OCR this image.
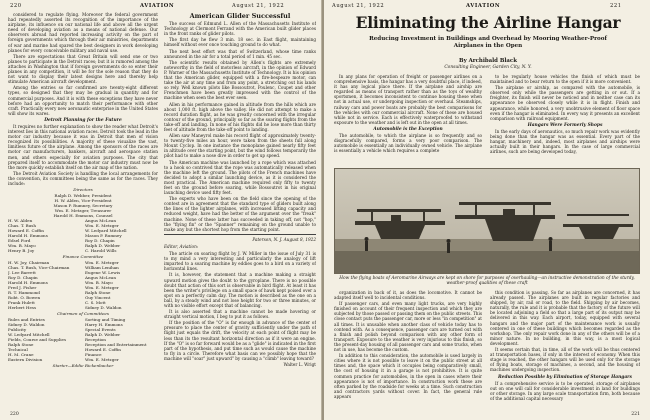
220	AVIATION	August 21, 1922

considered to regulate flying. Moreover the federal government had repeatedly asserted its recognition of the importance of the airplane, its influence on our national life and above all the urgent need of developing aviation as a means of national defense. Our observers abroad had reported increasing activity on the part of foreign governments which through their air ministries, departments of war and marine had spared the best designers in work developing planes for every conceivable military and naval use.

There are expectations that Great Britain will send one or two planes to participate in the Detroit races; but it is rumored among the attaches in Washington that if foreign governments do so enter their planes in any competition, it will be for the sole reason that they do not want to display their latest designs here and thereby help stimulate American aircraft development.

Among the entries so far confirmed are twenty-eight different types, so designed that they may be gradual in quantity and for commercial purposes. And it is with these exceptions they have never before had an opportunity to match their performance with other craft. Practically every new aeronautic enterprise in the United States will show its wares.

Detroit Planning for the Future

It requires no further explanation to show the reader what Detroit's interest lies in this national aviation races. Detroit took the lead in the motor car industry because it was in Detroit that men of vision recognized its possibilities. A majority of these visualize the vast, limitless future of the airplane. Among the sponsors of the races are motor car manufacturers, bankers, aircraft and aerospace station men, and others especially for aviation purposes. The city that prepared itself to accommodate the motor car industry must now be the more quickly establish itself on the air map of the nation.

The Detroit Aviation Society is handling the local arrangements for the convention, its committees being the same as for the races. They include:

Directors
Ralph D. Webber, President
H. W. Alden, Vice-President
Mason P. Rumney, Secretary
Wm. E. Metzger, Treasurer
Harold H. Emmons, Counsel
H. W. Alden	Angus McLean
Chas. T. Bush	Wm. E. Metzger
Howard E. Coffin	W. Ledyard Mitchell
Harold H. Emmons	Mason P. Rumney
Edsel Ford	Roy D. Chapin
Wm. B. Mayo	Ralph D. Webber
Henry B. Joy	C. Harold Wills
Finance Committee
H. W. Joy, Chairman	Wm. E. Metzger
Chas. T. Bush, Vice-Chairman	William Lenihan
J. Lee Barrett	Eugene W. Lewis
Roy D. Chapin	Angus McLean
Harold H. Emmons	Wm. B. Mayo
Fred J. Fisher	Wm. E. Metzger
R. T. Hammond	Ralph Stone
Robt. O. Bowen	Guy Vincent
Frank Hulett	C. S. Mott
Herbert Hess	Sidney D. Waldon
Chairmen of Committees
Rules and Entries	Sorting and Timing
Sidney D. Waldon	Harry H. Emmons
Publicity	Special Events
W. Ledyard Mitchell	Ralph D. Webber
Fields, Course and Supplies	Reception
Ralph Stone	Reception and Entertainment
Technical	Howard E. Coffin
H. M. Crane	Finance
Eastern Division	Wm. E. Metzger
Starter—Eddie Rickenbacker
American Glider Successful

The success of Edmund L. Allen of the Massachusetts Institute of Technology at Clermont Ferrand with the American built glider places in the front ranks of glider pilots.

The first day he flew 3 min. 18 sec. in East flight, maintaining himself without ever once touching ground to do what.

The next best effort was that of Switzerland, whose time ranks announced in the air for a total period of 1 min. 45 sec.

The scientific results obtained by Allen's flights are extremely noteworthy in the field of motorless aircraft, in the opinion of Edward P. Warner of the Massachusetts Institute of Technology. It is his opinion that the American glider, equipped with a fire-bespeare motor, can take the air at any time and from any point, a stretching out his lands so rely. Well known pilots like Bossoutrot, Poulenc, Coupet and other Frenchmen have been greatly impressed with the control of the machine when seen the best ever seen.

Allen in his performance gained in altitude from the hills which are about 1,000 ft. high above the valley. He did not attempt to make a record duration flight, as he was greatly concerned with the irregular contour of the ground, principally so far as the soaring flights from the take-off and landing. In none of his flights did he lose more than thirty feet of altitude from the take-off point to landing.

Allen saw Maneyrol make his record flight of approximately twenty-to twenty-five miles an hour, were taken from the sheets full along Mount Cyclop. In one instance the monoplane gained nearly fifty feet in altitude over the starting point, but the wind follows temporarily the pilot had to make a nose dive in order to get up speed.

The American machine was launched by a rope which was attached to a hook so contrived that the rope was automatically released when the machine left the ground. The pilots of the French machines have decided to adopt a similar launching device, as it is considered the most practical. The American machine required only fifty to twenty feet on the ground before soaring, while Bossoutrot in his original launching device used fifty feet.

The experts who have been on the field since the opening of the contest are in agreement that the standard type of gliders built along the lines of the lighter airplanes, with increased lifting capacity and reduced weight, have had the better of the argument over the "freak" machine. None of these latter has succeeded in taking off, not "hop," the "flying fin" or the "Spanner" remaining on the ground unable to make any but the shortest hop from the starting point.

Paterson, N. J. August 8, 1922
Editor, Aviation:

The article on soaring flight by J. W. Miller in the issue of July 31 is to my mind a very interesting and particularly the analogy of lift imparted to a soaring machine by eddies goes to a bird on a variety of horizontal lines.

It is, however, the statement that a machine making a straight upward motion gives the doubt to the gyroplane. There is no possible doubt that action of this sort is observable in bird flight. At least it has been the writer's privilege on a small space of hawk kept poised over a spot on a perfectly calm day. The motion is described as the one on a ball, by a steady wind and not lose height for two or three minutes, or with no visible effort except that of balancing.

It is also asserted that a machine cannot be made hovering or straight vertical motion, I beg to put it as follows.

If the position of the "O" is far enough in advance of the center of pressure to place the center of gravity sufficiently under the path of flight just equals the drift, the velocity at each point of flight may be less than its the resultant horizontal direction as if it were an engine. If the "O" is so far forward would be as a "glide" is indicated in the first part of the hypothesis, and put time such as would cause the machine to fly in a circle. Therefore what basis can we possibly hope that the machine will "soar" just upward" by causing a "climb" leaving toward?

Walter L. Wrigt
220
August 21, 1922	AVIATION	221
Eliminating the Airline Hangar
Reducing Investment in Buildings and Overhead by Mooring Weather-Proof Airplanes in the Open
By Archibald Black
Consulting Engineer, Garden City, N. Y.

In any plans for operation of freight or passenger airlines on a comprehensive basis, the hangar has a very doubtful place, if indeed, it has any logical place there. If the airplane and airship are regarded as means of transport rather than as the toys of wealthy sportsmen, it becomes inconsistent to continue housing these when not in actual use, or undergoing inspection or overhaul. Steamships, railway cars and power boats are probably the best comparisons for the vehicles with our commercial aircraft. None of these are housed while not in service. Each is effectively waterproofed to withstand exposure to the weather and is left out in the open at all times.

Automobile is the Exception

The automobile, to which the airplane is so frequently and so disgracefully compared, forms a very poor comparison. The automobile is essentially an individually owned vehicle. The airplane is essentially a vehicle which requires a complete

to be regularly house vehicles the finish of which must be maintained and to bear return to the open if it is more convenient.

The airplane or airship, as compared with the automobile, is observed only while the passengers are getting in or out. If a freighter, its finish will never be noticed and in neither case can its appearance be observed closely while it is in flight. Finish and appearance, while honored, a very unobtrusive element of floor space even if the hangar is eliminated. In every way it presents an excellent comparison with railroad equipment.

Hangars Were Formerly Shops

In the early days of aeronautics, so much repair work was evidently being done than the hangar was as essential. Every part of the hangar, machinery and, indeed, most airplanes and airships were actually built in their hangars. In the case of large commercial airlines, such are being developed today,

How the flying boats of Aeromarine Airways are kept on shore for purposes of overhauling—an instructive demonstration of the sturdy, weather-proof qualities of these craft

organization in back of it, as does the locomotive. It cannot be adapted itself well to incidental conditions.

If passenger cars, and even many light trucks, are very highly finished on account of their frequent inspection and which they are subjected by those passed or passing them on the public streets. This close contact puts the passenger car, more or less "in competition" at all times. It is unusable when another class of vehicle today has to contend with. As a consequence, passenger cars are turned out with a finish and polish beyond comparison with any other form of transport. Exposure to the weather is very injurious to this finish, so the present-day housing of all passenger cars and some trucks, when not in use, has become the custom.

In addition to this consideration, the automobile is used largely in cities where it is not possible to leave it on the public street at all times and, the space which it occupies being comparatively small, the cost of housing it in a garage is not prohibitive. It is quite common practice for automobiles, in the open in cases where their appearance is not of importance. In construction work these are often parked by the roadside for weeks at a time. Such construction and contractors yards without cover. In fact, the general rule appears

this condition is passing. So far as airplanes are concerned, it has already passed. The airplanes are built in regular factories and shipped, by air, rail or road, to the field. Shipping by air becomes, naturally, the rule and it is probable that the factory of the future will be located adjoining a field so that a large part of its output may be delivered in this way. Each airport, today, equipped with several hangars and the major part of the maintenance work is usually centered in one of these buildings which becomes regarded as the workshop. The only repair work done in any of the others will be of a minor nature. In no building, in this way, is a most logical development.

It seems certain that, in time, all of the work will be thus centered at transportation bases, if only in the interest of economy. When this stage is reached, the other hangars will be used only for the storage of flying boats, storage of machines, a second, and the housing of machines undergoing inspection.

Reduction Possible by Elimination of Storage Hangars

If a comprehensive service is to be operated, storage of airplanes out on one will call for considerable investment in land for buildings or other storage. In any large scale transportation firm, both because of the additional capital necessary

221
